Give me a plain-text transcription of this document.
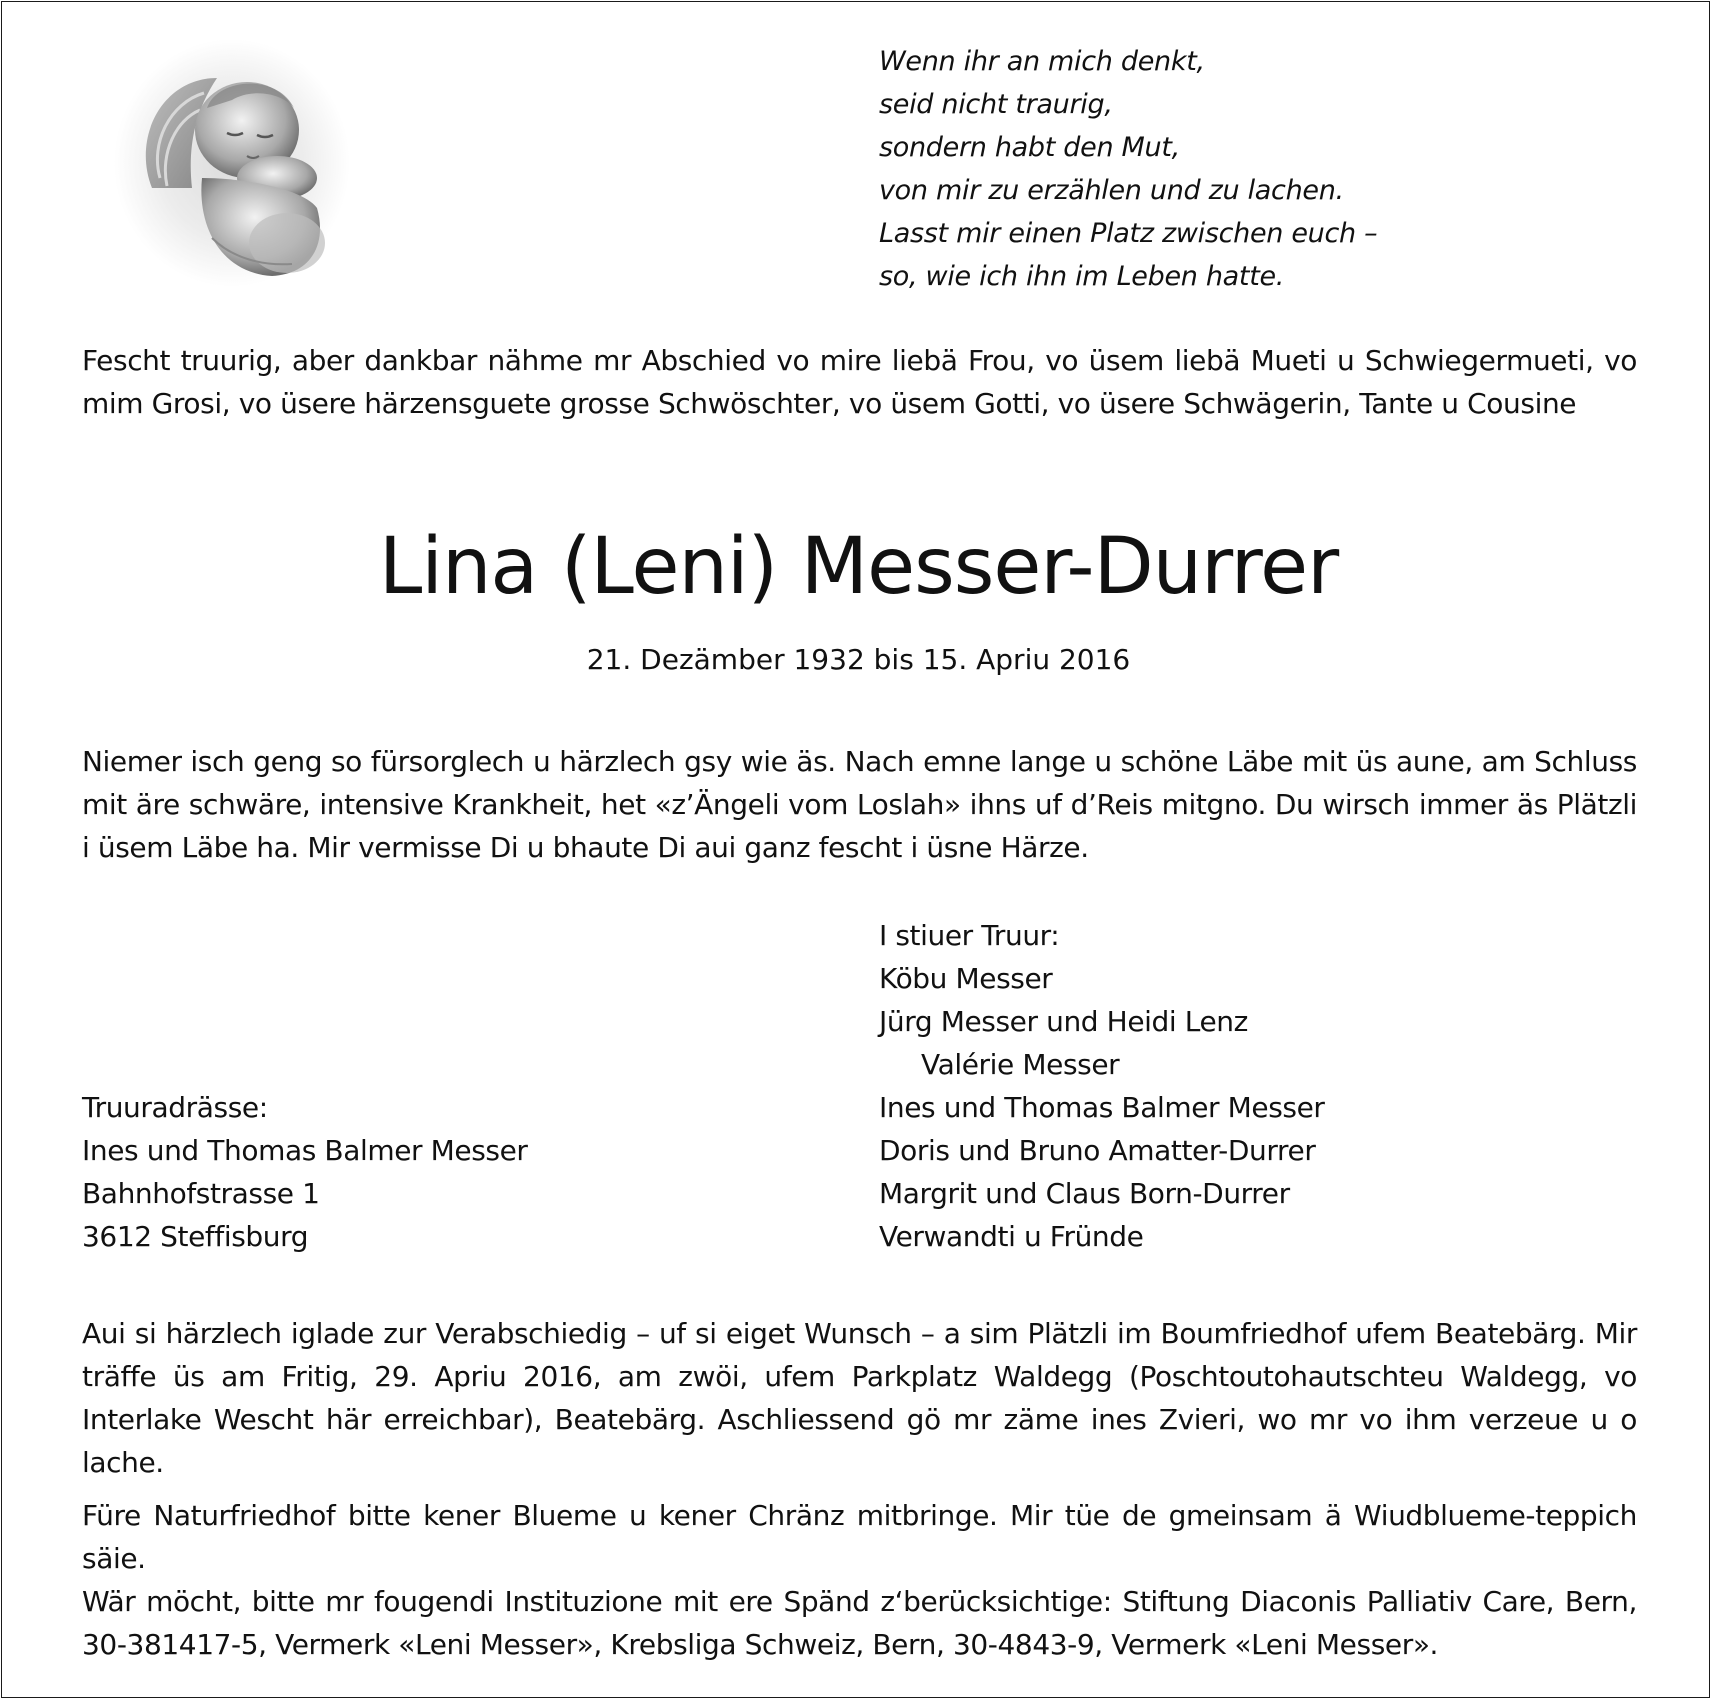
Wenn ihr an mich denkt,
seid nicht traurig,
sondern habt den Mut,
von mir zu erzählen und zu lachen.
Lasst mir einen Platz zwischen euch –
so, wie ich ihn im Leben hatte.
Fescht truurig, aber dankbar nähme mr Abschied vo mire liebä Frou, vo üsem liebä Mueti u Schwiegermueti, vo mim Grosi, vo üsere härzensguete grosse Schwöschter, vo üsem Gotti, vo üsere Schwägerin, Tante u Cousine
Lina (Leni) Messer-Durrer
21. Dezämber 1932 bis 15. Apriu 2016
Niemer isch geng so fürsorglech u härzlech gsy wie äs. Nach emne lange u schöne Läbe mit üs aune, am Schluss mit äre schwäre, intensive Krankheit, het «z’Ängeli vom Loslah» ihns uf d’Reis mitgno. Du wirsch immer äs Plätzli i üsem Läbe ha. Mir vermisse Di u bhaute Di aui ganz fescht i üsne Härze.
I stiuer Truur:
Köbu Messer
Jürg Messer und Heidi Lenz
Valérie Messer
Ines und Thomas Balmer Messer
Doris und Bruno Amatter-Durrer
Margrit und Claus Born-Durrer
Verwandti u Fründe
Truuradrässe:
Ines und Thomas Balmer Messer
Bahnhofstrasse 1
3612 Steffisburg
Aui si härzlech iglade zur Verabschiedig – uf si eiget Wunsch – a sim Plätzli im Boumfriedhof ufem Beatebärg. Mir träffe üs am Fritig, 29. Apriu 2016, am zwöi, ufem Parkplatz Waldegg (Poschtoutohautschteu Waldegg, vo Interlake Wescht här erreichbar), Beatebärg. Aschliessend gö mr zäme ines Zvieri, wo mr vo ihm verzeue u o lache.
Füre Naturfriedhof bitte kener Blueme u kener Chränz mitbringe. Mir tüe de gmeinsam ä Wiudblueme-teppich säie.
Wär möcht, bitte mr fougendi Instituzione mit ere Spänd z‘berücksichtige: Stiftung Diaconis Palliativ Care, Bern, 30-381417-5, Vermerk «Leni Messer», Krebsliga Schweiz, Bern, 30-4843-9, Vermerk «Leni Messer».
